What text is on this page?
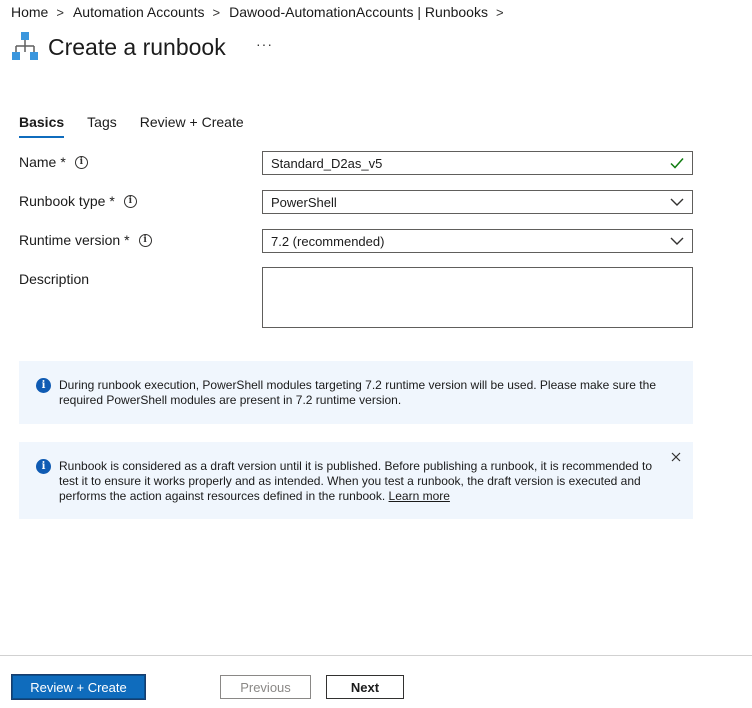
Home > Automation Accounts > Dawood-AutomationAccounts | Runbooks >
Create a runbook ···
Basics Tags Review + Create
Name *	i	Standard_D2as_v5
Runbook type *	i	PowerShell
Runtime version *	i	7.2 (recommended)
Description
i	During runbook execution, PowerShell modules targeting 7.2 runtime version will be used. Please make sure the required PowerShell modules are present in 7.2 runtime version.
i	Runbook is considered as a draft version until it is published. Before publishing a runbook, it is recommended to test it to ensure it works properly and as intended. When you test a runbook, the draft version is executed and performs the action against resources defined in the runbook. Learn more
Review + Create	Previous	Next
